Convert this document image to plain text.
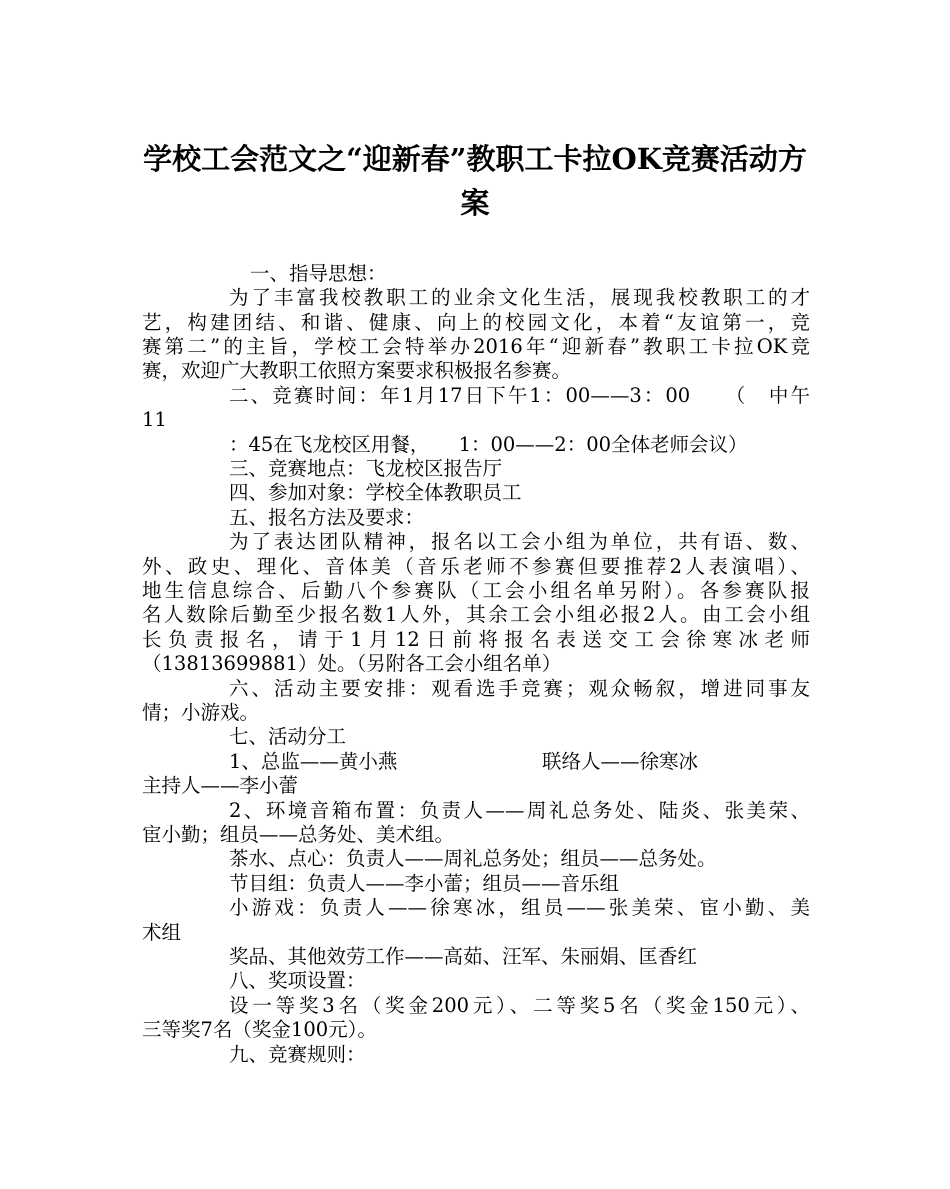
学校工会范文之“迎新春”教职工卡拉OK竞赛活动方
案
一、指导思想：
为了丰富我校教职工的业余文化生活，展现我校教职工的才
艺，构建团结、和谐、健康、向上的校园文化，本着“友谊第一，竞
赛第二”的主旨，学校工会特举办2016年“迎新春”教职工卡拉OK竞
赛，欢迎广大教职工依照方案要求积极报名参赛。
二、竞赛时间：年1月17日下午1：00——3：00　　（　中午
11
：45在飞龙校区用餐，　　1：00——2：00全体老师会议）
三、竞赛地点：飞龙校区报告厅
四、参加对象：学校全体教职员工
五、报名方法及要求：
为了表达团队精神，报名以工会小组为单位，共有语、数、
外、政史、理化、音体美（音乐老师不参赛但要推荐2人表演唱）、
地生信息综合、后勤八个参赛队（工会小组名单另附）。各参赛队报
名人数除后勤至少报名数1人外，其余工会小组必报2人。由工会小组
长负责报名，请于1月12日前将报名表送交工会徐寒冰老师
（13813699881）处。（另附各工会小组名单）
六、活动主要安排：观看选手竞赛；观众畅叙，增进同事友
情；小游戏。
七、活动分工
1、总监——黄小燕	联络人——徐寒冰
主持人——李小蕾
2、环境音箱布置：负责人——周礼总务处、陆炎、张美荣、
宦小勤；组员——总务处、美术组。
茶水、点心：负责人——周礼总务处；组员——总务处。
节目组：负责人——李小蕾；组员——音乐组
小游戏：负责人——徐寒冰，组员——张美荣、宦小勤、美
术组
奖品、其他效劳工作——高茹、汪军、朱丽娟、匡香红
八、奖项设置：
设一等奖3名（奖金200元）、二等奖5名（奖金150元）、
三等奖7名（奖金100元）。
九、竞赛规则：
